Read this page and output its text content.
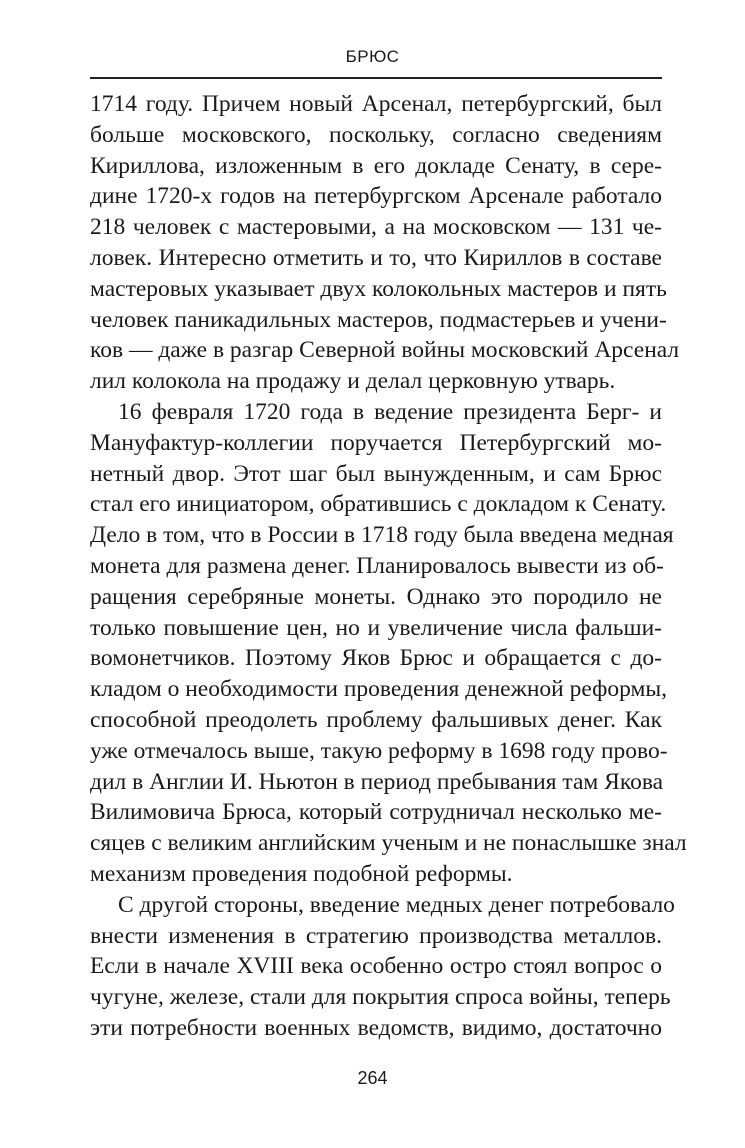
БРЮС
1714 году. Причем новый Арсенал, петербургский, был
больше московского, поскольку, согласно сведениям
Кириллова, изложенным в его докладе Сенату, в сере-
дине 1720-х годов на петербургском Арсенале работало
218 человек с мастеровыми, а на московском — 131 че-
ловек. Интересно отметить и то, что Кириллов в составе
мастеровых указывает двух колокольных мастеров и пять
человек паникадильных мастеров, подмастерьев и учени-
ков — даже в разгар Северной войны московский Арсенал
лил колокола на продажу и делал церковную утварь.
16 февраля 1720 года в ведение президента Берг- и
Мануфактур-коллегии поручается Петербургский мо-
нетный двор. Этот шаг был вынужденным, и сам Брюс
стал его инициатором, обратившись с докладом к Сенату.
Дело в том, что в России в 1718 году была введена медная
монета для размена денег. Планировалось вывести из об-
ращения серебряные монеты. Однако это породило не
только повышение цен, но и увеличение числа фальши-
вомонетчиков. Поэтому Яков Брюс и обращается с до-
кладом о необходимости проведения денежной реформы,
способной преодолеть проблему фальшивых денег. Как
уже отмечалось выше, такую реформу в 1698 году прово-
дил в Англии И. Ньютон в период пребывания там Якова
Вилимовича Брюса, который сотрудничал несколько ме-
сяцев с великим английским ученым и не понаслышке знал
механизм проведения подобной реформы.
С другой стороны, введение медных денег потребовало
внести изменения в стратегию производства металлов.
Если в начале XVIII века особенно остро стоял вопрос о
чугуне, железе, стали для покрытия спроса войны, теперь
эти потребности военных ведомств, видимо, достаточно
264
